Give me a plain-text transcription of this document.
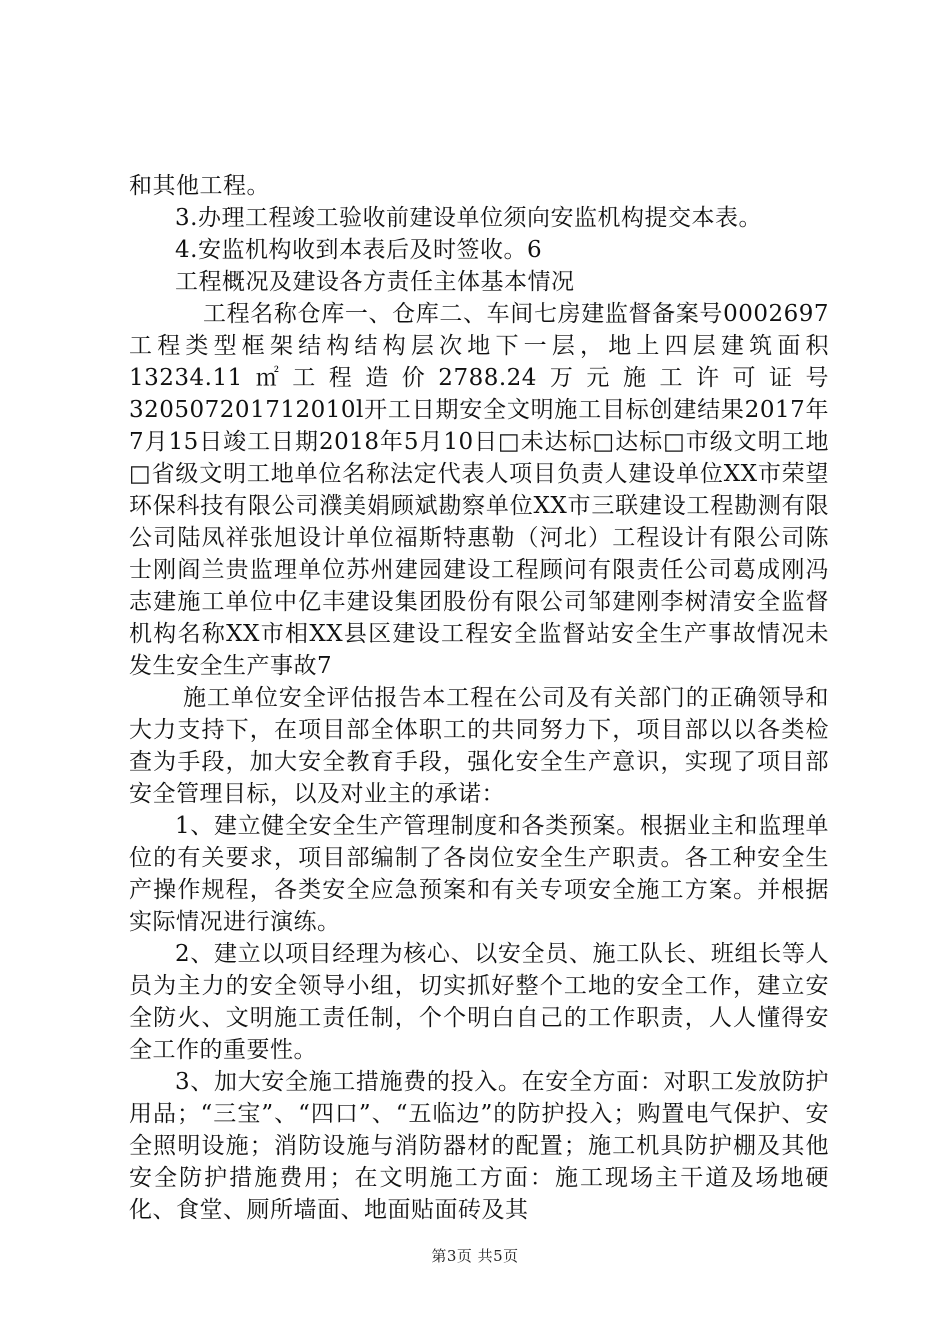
和其他工程。

3.办理工程竣工验收前建设单位须向安监机构提交本表。

4.安监机构收到本表后及时签收。6

工程概况及建设各方责任主体基本情况

工程名称仓库一、仓库二、车间七房建监督备案号0002697工程类型框架结构结构层次地下一层，地上四层建筑面积13234.11㎡工程造价2788.24万元施工许可证号320507201712010l开工日期安全文明施工目标创建结果2017年7月15日竣工日期2018年5月10日□未达标□达标□市级文明工地□省级文明工地单位名称法定代表人项目负责人建设单位XX市荣望环保科技有限公司濮美娟顾斌勘察单位XX市三联建设工程勘测有限公司陆凤祥张旭设计单位福斯特惠勒（河北）工程设计有限公司陈士刚阎兰贵监理单位苏州建园建设工程顾问有限责任公司葛成刚冯志建施工单位中亿丰建设集团股份有限公司邹建刚李树清安全监督机构名称XX市相XX县区建设工程安全监督站安全生产事故情况未发生安全生产事故7

施工单位安全评估报告本工程在公司及有关部门的正确领导和大力支持下，在项目部全体职工的共同努力下，项目部以以各类检查为手段，加大安全教育手段，强化安全生产意识，实现了项目部安全管理目标，以及对业主的承诺：

1、建立健全安全生产管理制度和各类预案。根据业主和监理单位的有关要求，项目部编制了各岗位安全生产职责。各工种安全生产操作规程，各类安全应急预案和有关专项安全施工方案。并根据实际情况进行演练。

2、建立以项目经理为核心、以安全员、施工队长、班组长等人员为主力的安全领导小组，切实抓好整个工地的安全工作，建立安全防火、文明施工责任制，个个明白自己的工作职责，人人懂得安全工作的重要性。

3、加大安全施工措施费的投入。在安全方面：对职工发放防护用品；“三宝”、“四口”、“五临边”的防护投入；购置电气保护、安全照明设施；消防设施与消防器材的配置；施工机具防护棚及其他安全防护措施费用；在文明施工方面：施工现场主干道及场地硬化、食堂、厕所墙面、地面贴面砖及其

第3页 共5页
